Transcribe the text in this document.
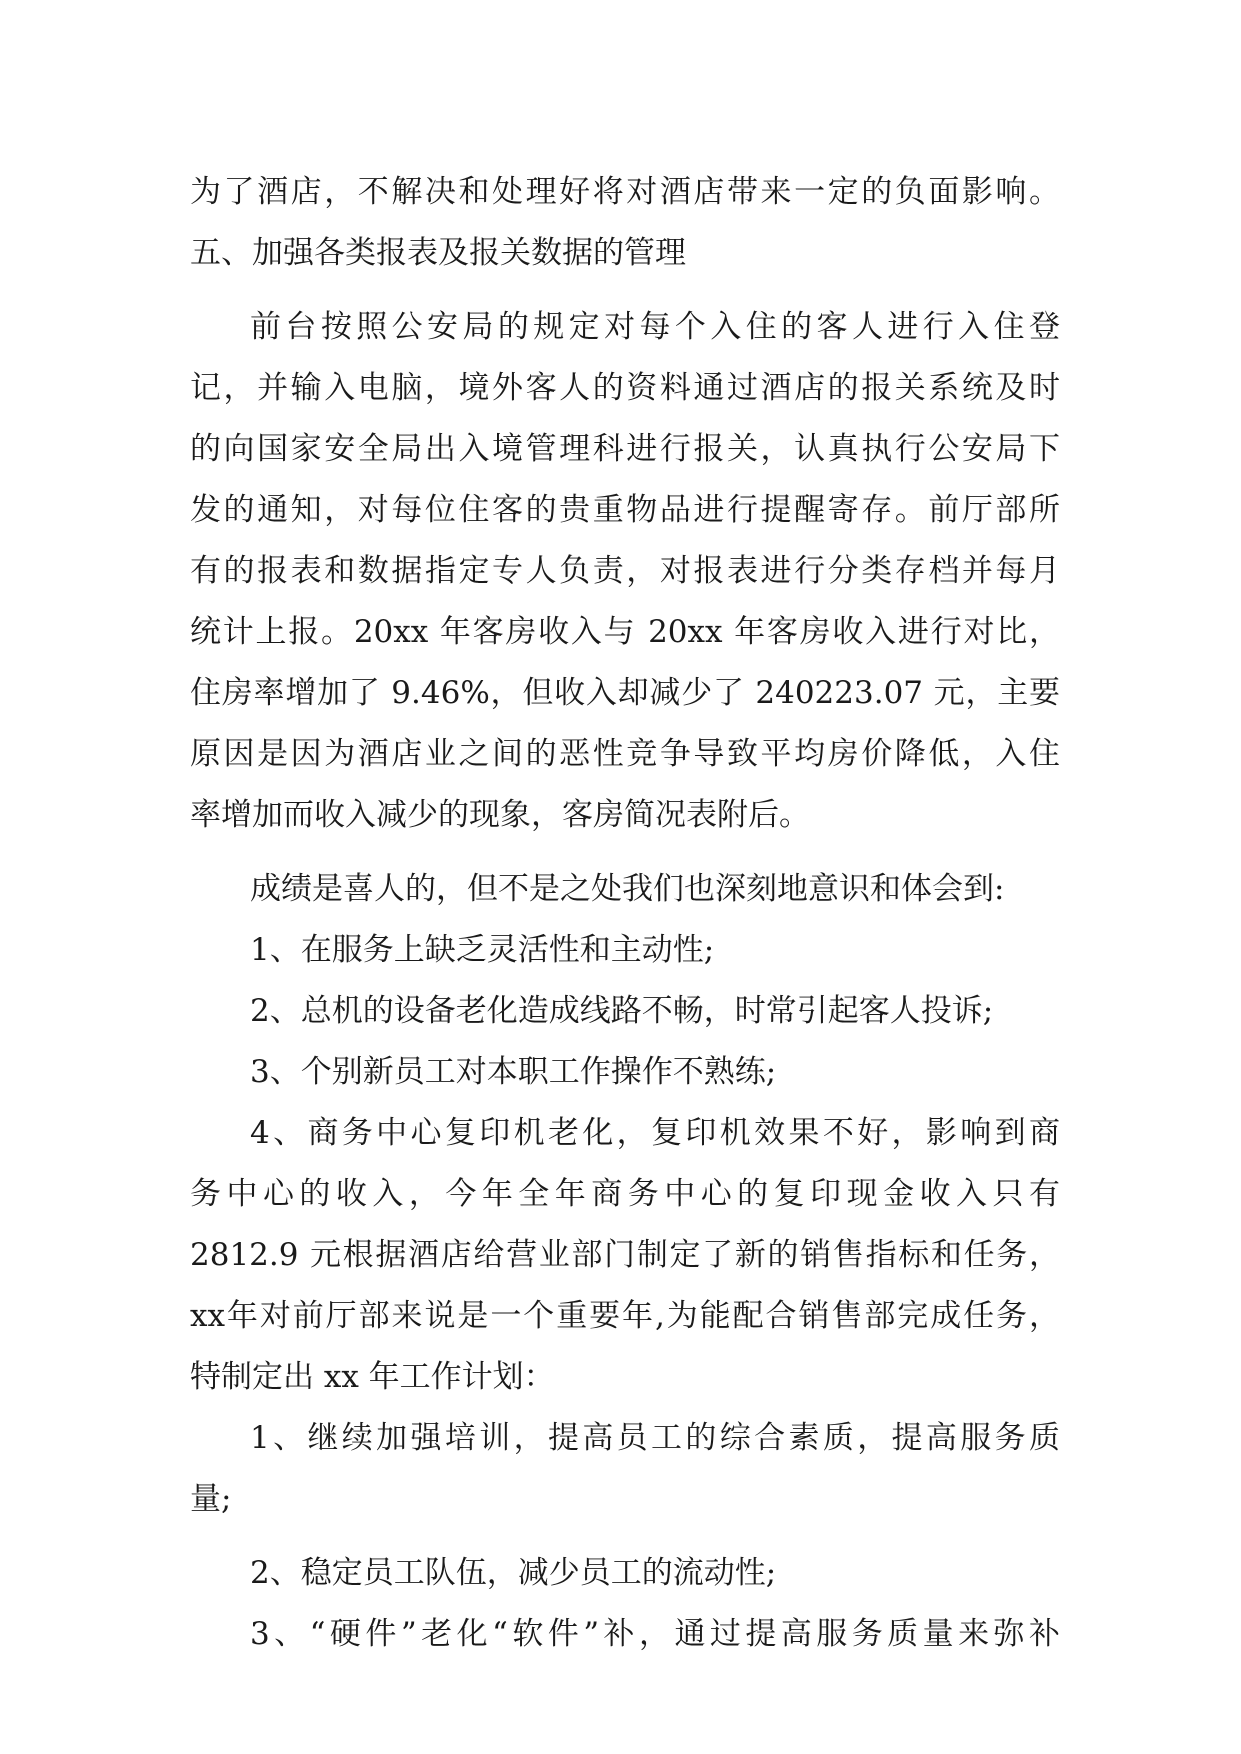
为了酒店，不解决和处理好将对酒店带来一定的负面影响。
五、加强各类报表及报关数据的管理
前台按照公安局的规定对每个入住的客人进行入住登
记，并输入电脑，境外客人的资料通过酒店的报关系统及时
的向国家安全局出入境管理科进行报关，认真执行公安局下
发的通知，对每位住客的贵重物品进行提醒寄存。前厅部所
有的报表和数据指定专人负责，对报表进行分类存档并每月
统计上报。20xx 年客房收入与 20xx 年客房收入进行对比，
住房率增加了 9.46%，但收入却减少了 240223.07 元，主要
原因是因为酒店业之间的恶性竞争导致平均房价降低，入住
率增加而收入减少的现象，客房简况表附后。
成绩是喜人的，但不是之处我们也深刻地意识和体会到:
1、在服务上缺乏灵活性和主动性;
2、总机的设备老化造成线路不畅，时常引起客人投诉;
3、个别新员工对本职工作操作不熟练;
4、商务中心复印机老化，复印机效果不好，影响到商
务中心的收入，今年全年商务中心的复印现金收入只有
2812.9 元根据酒店给营业部门制定了新的销售指标和任务，
xx年对前厅部来说是一个重要年,为能配合销售部完成任务，
特制定出 xx 年工作计划：
1、继续加强培训，提高员工的综合素质，提高服务质
量;
2、稳定员工队伍，减少员工的流动性;
3、“硬件”老化“软件”补，通过提高服务质量来弥补
